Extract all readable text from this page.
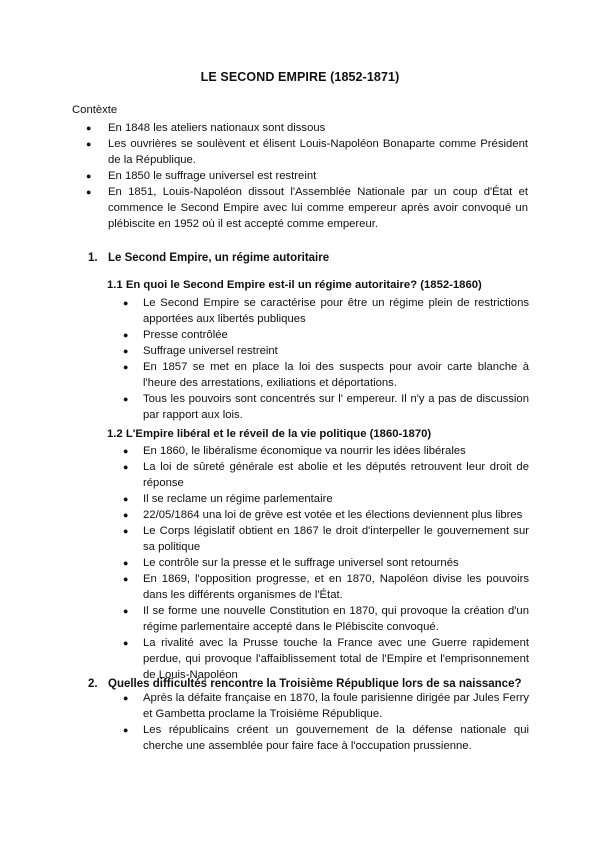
LE SECOND EMPIRE (1852-1871)
Contèxte
● En 1848 les ateliers nationaux sont dissous
● Les ouvrières se soulèvent et élisent Louis-Napoléon Bonaparte comme Président de la République.
● En 1850 le suffrage universel est restreint
● En 1851, Louis-Napoléon dissout l'Assemblée Nationale par un coup d'État et commence le Second Empire avec lui comme empereur après avoir convoqué un plébiscite en 1952 où il est accepté comme empereur.
1. Le Second Empire, un régime autoritaire
1.1 En quoi le Second Empire est-il un régime autoritaire? (1852-1860)
● Le Second Empire se caractérise pour être un régime plein de restrictions apportées aux libertés publiques
● Presse contrôlée
● Suffrage universel restreint
● En 1857 se met en place la loi des suspects pour avoir carte blanche à l'heure des arrestations, exiliations et déportations.
● Tous les pouvoirs sont concentrés sur l' empereur. Il n'y a pas de discussion par rapport aux lois.
1.2 L'Empire libéral et le réveil de la vie politique (1860-1870)
● En 1860, le libéralisme économique va nourrir les idées libérales
● La loi de sûreté générale est abolie et les députés retrouvent leur droit de réponse
● Il se reclame un régime parlementaire
● 22/05/1864 una loi de grève est votée et les élections deviennent plus libres
● Le Corps législatif obtient en 1867 le droit d'interpeller le gouvernement sur sa politique
● Le contrôle sur la presse et le suffrage universel sont retournés
● En 1869, l'opposition progresse, et en 1870, Napoléon divise les pouvoirs dans les différents organismes de l'État.
● Il se forme une nouvelle Constitution en 1870, qui provoque la création d'un régime parlementaire accepté dans le Plébiscite convoqué.
● La rivalité avec la Prusse touche la France avec une Guerre rapidement perdue, qui provoque l'affaiblissement total de l'Empire et l'emprisonnement de Louis-Napoléon
2. Quelles difficultés rencontre la Troisième République lors de sa naissance?
● Après la défaite française en 1870, la foule parisienne dirigée par Jules Ferry et Gambetta proclame la Troisième République.
● Les républicains créent un gouvernement de la défense nationale qui cherche une assemblée pour faire face à l'occupation prussienne.
